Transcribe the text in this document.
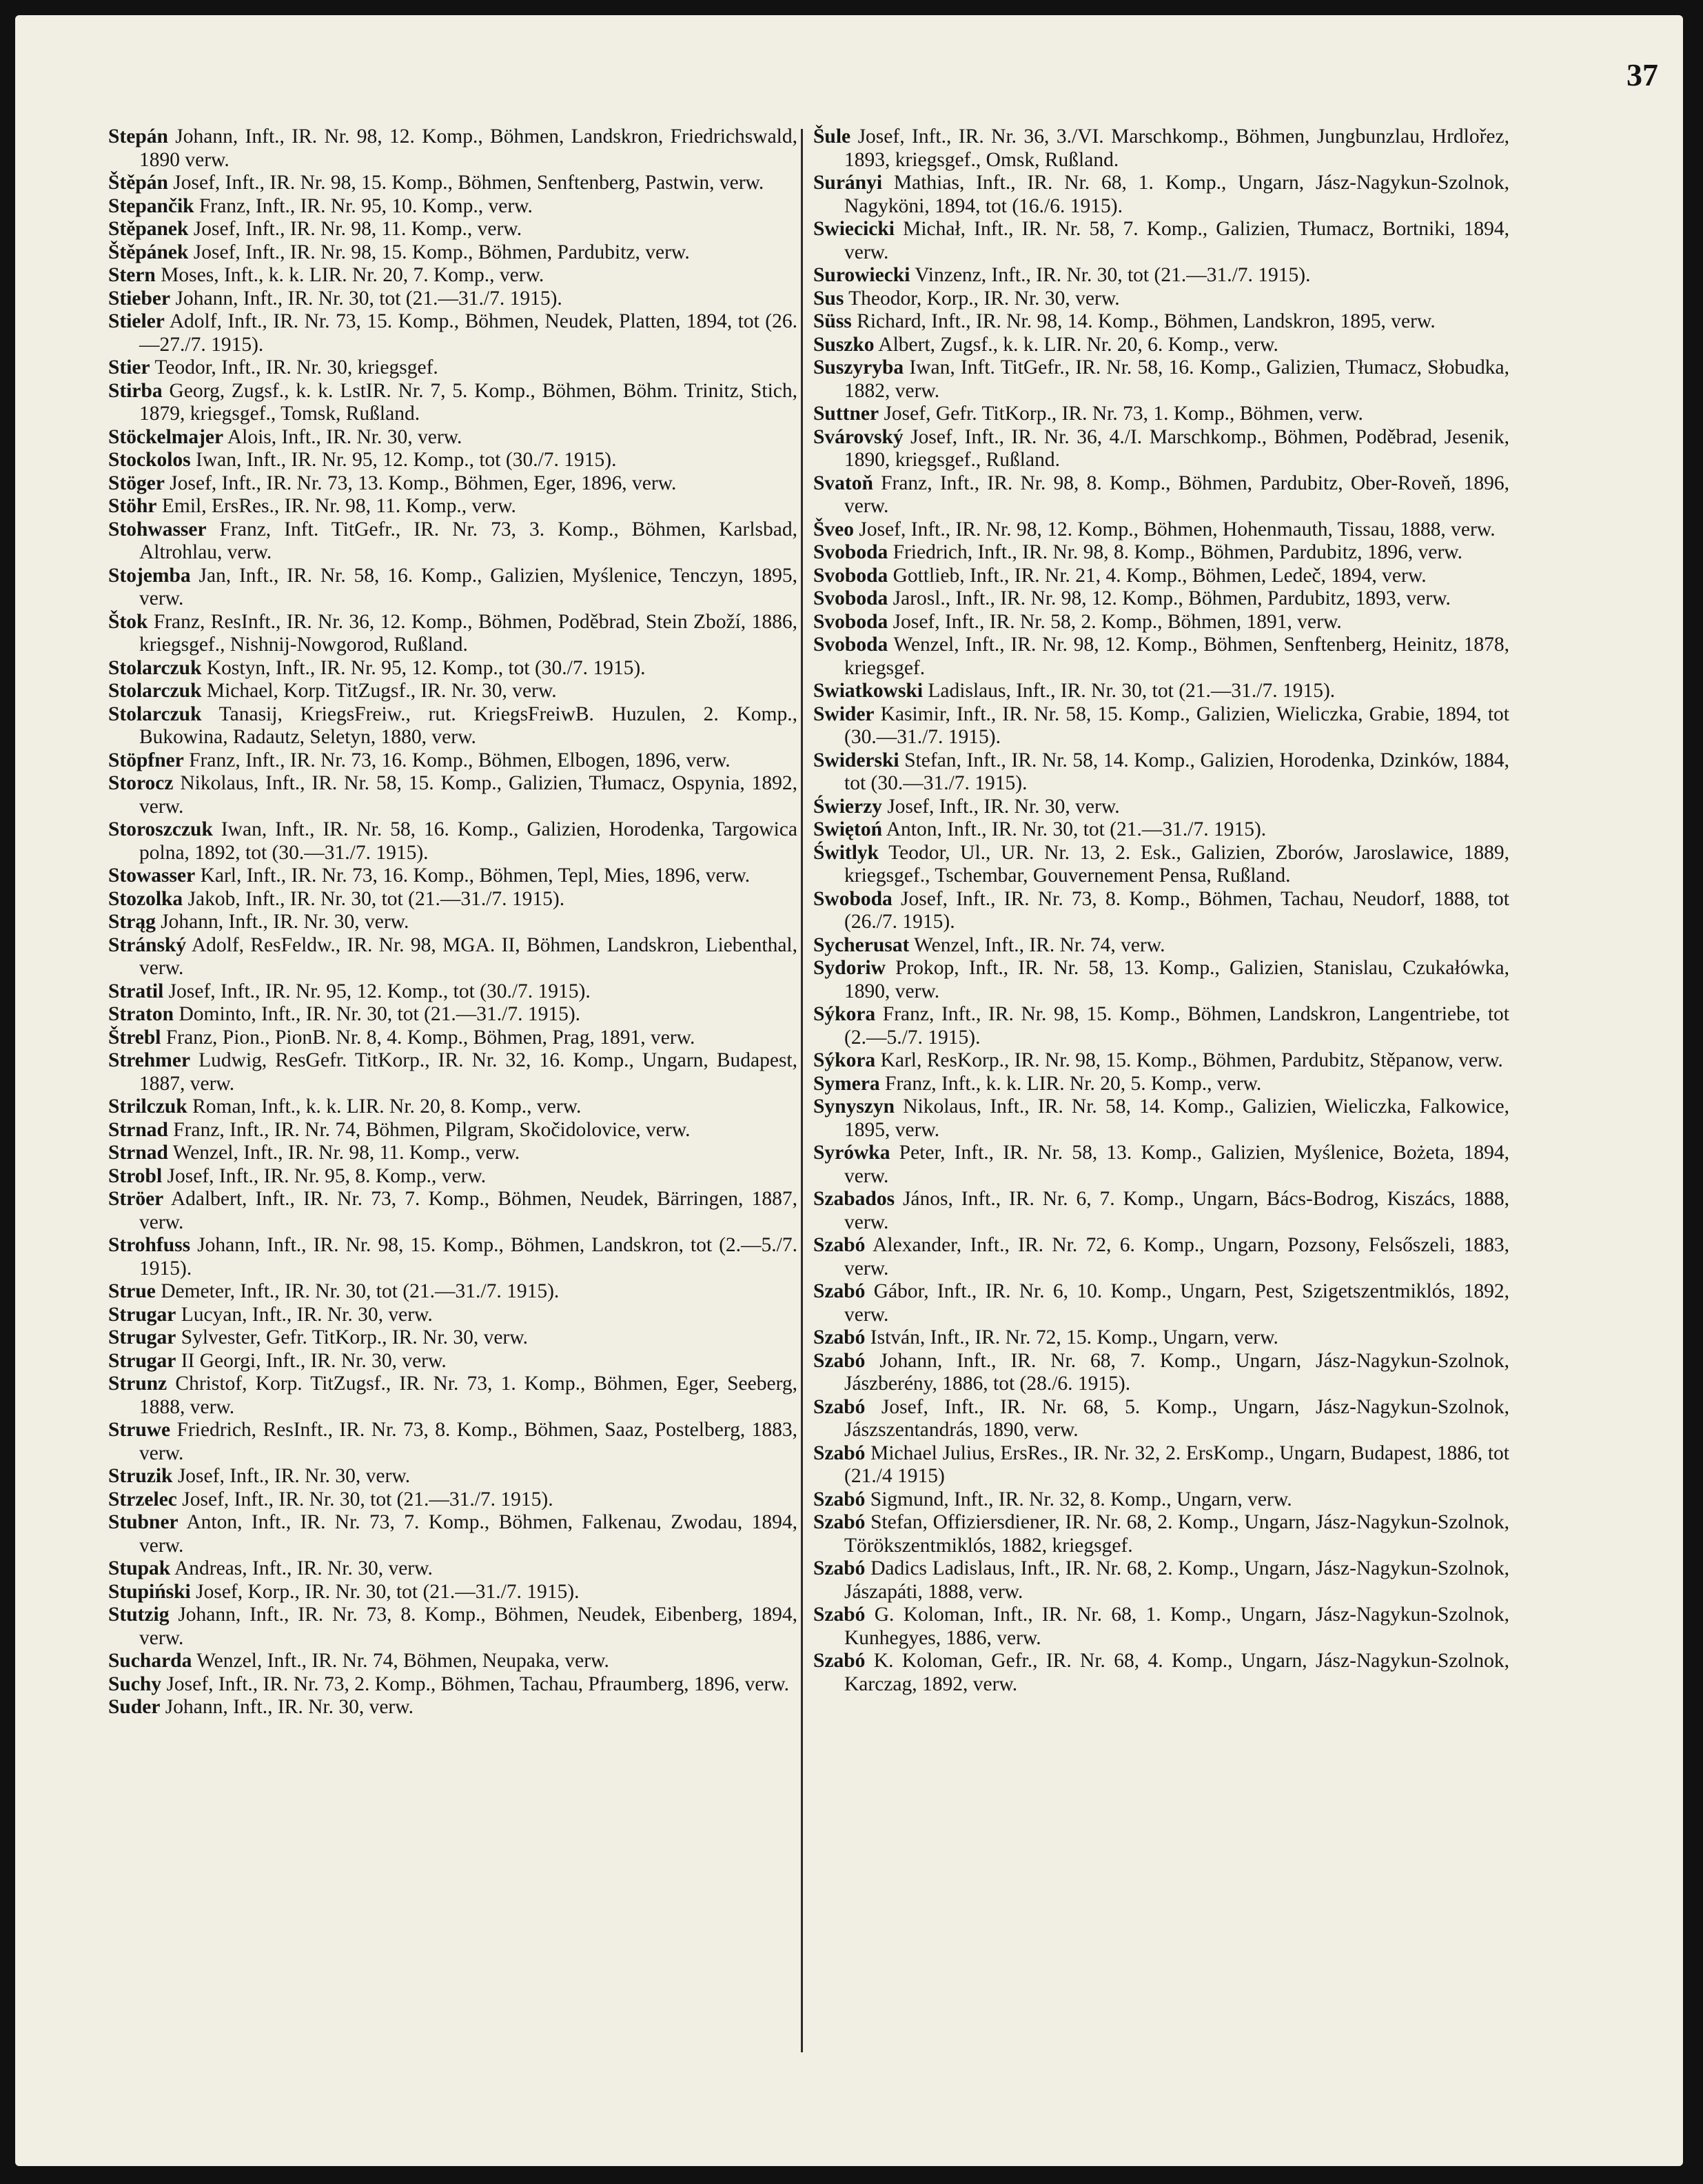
37

Stepán Johann, Inft., IR. Nr. 98, 12. Komp., Böhmen, Landskron, Friedrichswald, 1890 verw.

Štěpán Josef, Inft., IR. Nr. 98, 15. Komp., Böhmen, Senftenberg, Pastwin, verw.

Stepančik Franz, Inft., IR. Nr. 95, 10. Komp., verw.

Stěpanek Josef, Inft., IR. Nr. 98, 11. Komp., verw.

Štěpánek Josef, Inft., IR. Nr. 98, 15. Komp., Böhmen, Pardubitz, verw.

Stern Moses, Inft., k. k. LIR. Nr. 20, 7. Komp., verw.

Stieber Johann, Inft., IR. Nr. 30, tot (21.—31./7. 1915).

Stieler Adolf, Inft., IR. Nr. 73, 15. Komp., Böhmen, Neudek, Platten, 1894, tot (26.—27./7. 1915).

Stier Teodor, Inft., IR. Nr. 30, kriegsgef.

Stirba Georg, Zugsf., k. k. LstIR. Nr. 7, 5. Komp., Böhmen, Böhm. Trinitz, Stich, 1879, kriegsgef., Tomsk, Rußland.

Stöckelmajer Alois, Inft., IR. Nr. 30, verw.

Stockolos Iwan, Inft., IR. Nr. 95, 12. Komp., tot (30./7. 1915).

Stöger Josef, Inft., IR. Nr. 73, 13. Komp., Böhmen, Eger, 1896, verw.

Stöhr Emil, ErsRes., IR. Nr. 98, 11. Komp., verw.

Stohwasser Franz, Inft. TitGefr., IR. Nr. 73, 3. Komp., Böhmen, Karlsbad, Altrohlau, verw.

Stojemba Jan, Inft., IR. Nr. 58, 16. Komp., Galizien, Myślenice, Tenczyn, 1895, verw.

Štok Franz, ResInft., IR. Nr. 36, 12. Komp., Böhmen, Poděbrad, Stein Zboží, 1886, kriegsgef., Nishnij-Nowgorod, Rußland.

Stolarczuk Kostyn, Inft., IR. Nr. 95, 12. Komp., tot (30./7. 1915).

Stolarczuk Michael, Korp. TitZugsf., IR. Nr. 30, verw.

Stolarczuk Tanasij, KriegsFreiw., rut. KriegsFreiwB. Huzulen, 2. Komp., Bukowina, Radautz, Seletyn, 1880, verw.

Stöpfner Franz, Inft., IR. Nr. 73, 16. Komp., Böhmen, Elbogen, 1896, verw.

Storocz Nikolaus, Inft., IR. Nr. 58, 15. Komp., Galizien, Tłumacz, Ospynia, 1892, verw.

Storoszczuk Iwan, Inft., IR. Nr. 58, 16. Komp., Galizien, Horodenka, Targowica polna, 1892, tot (30.—31./7. 1915).

Stowasser Karl, Inft., IR. Nr. 73, 16. Komp., Böhmen, Tepl, Mies, 1896, verw.

Stozolka Jakob, Inft., IR. Nr. 30, tot (21.—31./7. 1915).

Strąg Johann, Inft., IR. Nr. 30, verw.

Stránský Adolf, ResFeldw., IR. Nr. 98, MGA. II, Böhmen, Landskron, Liebenthal, verw.

Stratil Josef, Inft., IR. Nr. 95, 12. Komp., tot (30./7. 1915).

Straton Dominto, Inft., IR. Nr. 30, tot (21.—31./7. 1915).

Štrebl Franz, Pion., PionB. Nr. 8, 4. Komp., Böhmen, Prag, 1891, verw.

Strehmer Ludwig, ResGefr. TitKorp., IR. Nr. 32, 16. Komp., Ungarn, Budapest, 1887, verw.

Strilczuk Roman, Inft., k. k. LIR. Nr. 20, 8. Komp., verw.

Strnad Franz, Inft., IR. Nr. 74, Böhmen, Pilgram, Skočidolovice, verw.

Strnad Wenzel, Inft., IR. Nr. 98, 11. Komp., verw.

Strobl Josef, Inft., IR. Nr. 95, 8. Komp., verw.

Ströer Adalbert, Inft., IR. Nr. 73, 7. Komp., Böhmen, Neudek, Bärringen, 1887, verw.

Strohfuss Johann, Inft., IR. Nr. 98, 15. Komp., Böhmen, Landskron, tot (2.—5./7. 1915).

Strue Demeter, Inft., IR. Nr. 30, tot (21.—31./7. 1915).

Strugar Lucyan, Inft., IR. Nr. 30, verw.

Strugar Sylvester, Gefr. TitKorp., IR. Nr. 30, verw.

Strugar II Georgi, Inft., IR. Nr. 30, verw.

Strunz Christof, Korp. TitZugsf., IR. Nr. 73, 1. Komp., Böhmen, Eger, Seeberg, 1888, verw.

Struwe Friedrich, ResInft., IR. Nr. 73, 8. Komp., Böhmen, Saaz, Postelberg, 1883, verw.

Struzik Josef, Inft., IR. Nr. 30, verw.

Strzelec Josef, Inft., IR. Nr. 30, tot (21.—31./7. 1915).

Stubner Anton, Inft., IR. Nr. 73, 7. Komp., Böhmen, Falkenau, Zwodau, 1894, verw.

Stupak Andreas, Inft., IR. Nr. 30, verw.

Stupiński Josef, Korp., IR. Nr. 30, tot (21.—31./7. 1915).

Stutzig Johann, Inft., IR. Nr. 73, 8. Komp., Böhmen, Neudek, Eibenberg, 1894, verw.

Sucharda Wenzel, Inft., IR. Nr. 74, Böhmen, Neupaka, verw.

Suchy Josef, Inft., IR. Nr. 73, 2. Komp., Böhmen, Tachau, Pfraumberg, 1896, verw.

Suder Johann, Inft., IR. Nr. 30, verw.

Šule Josef, Inft., IR. Nr. 36, 3./VI. Marschkomp., Böhmen, Jungbunzlau, Hrdlořez, 1893, kriegsgef., Omsk, Rußland.

Surányi Mathias, Inft., IR. Nr. 68, 1. Komp., Ungarn, Jász-Nagykun-Szolnok, Nagyköni, 1894, tot (16./6. 1915).

Swiecicki Michał, Inft., IR. Nr. 58, 7. Komp., Galizien, Tłumacz, Bortniki, 1894, verw.

Surowiecki Vinzenz, Inft., IR. Nr. 30, tot (21.—31./7. 1915).

Sus Theodor, Korp., IR. Nr. 30, verw.

Süss Richard, Inft., IR. Nr. 98, 14. Komp., Böhmen, Landskron, 1895, verw.

Suszko Albert, Zugsf., k. k. LIR. Nr. 20, 6. Komp., verw.

Suszyryba Iwan, Inft. TitGefr., IR. Nr. 58, 16. Komp., Galizien, Tłumacz, Słobudka, 1882, verw.

Suttner Josef, Gefr. TitKorp., IR. Nr. 73, 1. Komp., Böhmen, verw.

Svárovský Josef, Inft., IR. Nr. 36, 4./I. Marschkomp., Böhmen, Poděbrad, Jesenik, 1890, kriegsgef., Rußland.

Svatoň Franz, Inft., IR. Nr. 98, 8. Komp., Böhmen, Pardubitz, Ober-Roveň, 1896, verw.

Šveo Josef, Inft., IR. Nr. 98, 12. Komp., Böhmen, Hohenmauth, Tissau, 1888, verw.

Svoboda Friedrich, Inft., IR. Nr. 98, 8. Komp., Böhmen, Pardubitz, 1896, verw.

Svoboda Gottlieb, Inft., IR. Nr. 21, 4. Komp., Böhmen, Ledeč, 1894, verw.

Svoboda Jarosl., Inft., IR. Nr. 98, 12. Komp., Böhmen, Pardubitz, 1893, verw.

Svoboda Josef, Inft., IR. Nr. 58, 2. Komp., Böhmen, 1891, verw.

Svoboda Wenzel, Inft., IR. Nr. 98, 12. Komp., Böhmen, Senftenberg, Heinitz, 1878, kriegsgef.

Swiatkowski Ladislaus, Inft., IR. Nr. 30, tot (21.—31./7. 1915).

Swider Kasimir, Inft., IR. Nr. 58, 15. Komp., Galizien, Wieliczka, Grabie, 1894, tot (30.—31./7. 1915).

Swiderski Stefan, Inft., IR. Nr. 58, 14. Komp., Galizien, Horodenka, Dzinków, 1884, tot (30.—31./7. 1915).

Świerzy Josef, Inft., IR. Nr. 30, verw.

Swiętoń Anton, Inft., IR. Nr. 30, tot (21.—31./7. 1915).

Świtlyk Teodor, Ul., UR. Nr. 13, 2. Esk., Galizien, Zborów, Jaroslawice, 1889, kriegsgef., Tschembar, Gouvernement Pensa, Rußland.

Swoboda Josef, Inft., IR. Nr. 73, 8. Komp., Böhmen, Tachau, Neudorf, 1888, tot (26./7. 1915).

Sycherusat Wenzel, Inft., IR. Nr. 74, verw.

Sydoriw Prokop, Inft., IR. Nr. 58, 13. Komp., Galizien, Stanislau, Czukałówka, 1890, verw.

Sýkora Franz, Inft., IR. Nr. 98, 15. Komp., Böhmen, Landskron, Langentriebe, tot (2.—5./7. 1915).

Sýkora Karl, ResKorp., IR. Nr. 98, 15. Komp., Böhmen, Pardubitz, Stěpanow, verw.

Symera Franz, Inft., k. k. LIR. Nr. 20, 5. Komp., verw.

Synyszyn Nikolaus, Inft., IR. Nr. 58, 14. Komp., Galizien, Wieliczka, Falkowice, 1895, verw.

Syrówka Peter, Inft., IR. Nr. 58, 13. Komp., Galizien, Myślenice, Bożeta, 1894, verw.

Szabados János, Inft., IR. Nr. 6, 7. Komp., Ungarn, Bács-Bodrog, Kiszács, 1888, verw.

Szabó Alexander, Inft., IR. Nr. 72, 6. Komp., Ungarn, Pozsony, Felsőszeli, 1883, verw.

Szabó Gábor, Inft., IR. Nr. 6, 10. Komp., Ungarn, Pest, Szigetszentmiklós, 1892, verw.

Szabó István, Inft., IR. Nr. 72, 15. Komp., Ungarn, verw.

Szabó Johann, Inft., IR. Nr. 68, 7. Komp., Ungarn, Jász-Nagykun-Szolnok, Jászberény, 1886, tot (28./6. 1915).

Szabó Josef, Inft., IR. Nr. 68, 5. Komp., Ungarn, Jász-Nagykun-Szolnok, Jászszentandrás, 1890, verw.

Szabó Michael Julius, ErsRes., IR. Nr. 32, 2. ErsKomp., Ungarn, Budapest, 1886, tot (21./4 1915)

Szabó Sigmund, Inft., IR. Nr. 32, 8. Komp., Ungarn, verw.

Szabó Stefan, Offiziersdiener, IR. Nr. 68, 2. Komp., Ungarn, Jász-Nagykun-Szolnok, Törökszentmiklós, 1882, kriegsgef.

Szabó Dadics Ladislaus, Inft., IR. Nr. 68, 2. Komp., Ungarn, Jász-Nagykun-Szolnok, Jászapáti, 1888, verw.

Szabó G. Koloman, Inft., IR. Nr. 68, 1. Komp., Ungarn, Jász-Nagykun-Szolnok, Kunhegyes, 1886, verw.

Szabó K. Koloman, Gefr., IR. Nr. 68, 4. Komp., Ungarn, Jász-Nagykun-Szolnok, Karczag, 1892, verw.
